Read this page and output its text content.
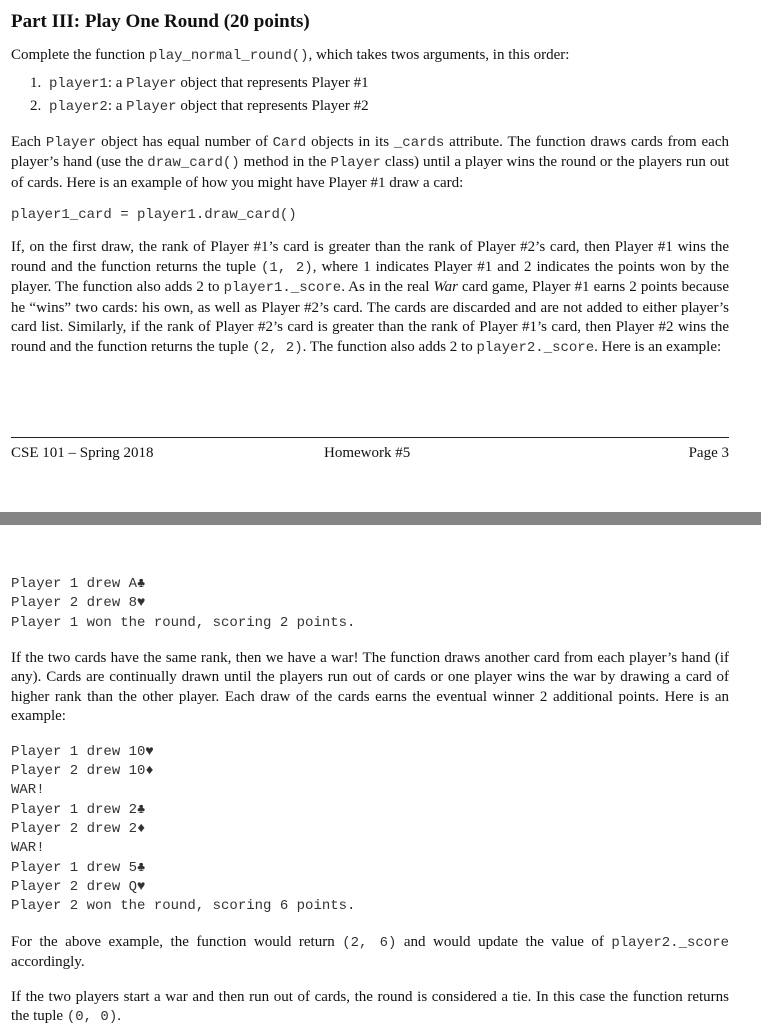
Part III: Play One Round (20 points)

Complete the function play_normal_round(), which takes twos arguments, in this order:

1. player1: a Player object that represents Player #1
2. player2: a Player object that represents Player #2

Each Player object has equal number of Card objects in its _cards attribute. The function draws cards from each player’s hand (use the draw_card() method in the Player class) until a player wins the round or the players run out of cards. Here is an example of how you might have Player #1 draw a card:

player1_card = player1.draw_card()

If, on the first draw, the rank of Player #1’s card is greater than the rank of Player #2’s card, then Player #1 wins the round and the function returns the tuple (1, 2), where 1 indicates Player #1 and 2 indicates the points won by the player. The function also adds 2 to player1._score. As in the real War card game, Player #1 earns 2 points because he “wins” two cards: his own, as well as Player #2’s card. The cards are discarded and are not added to either player’s card list. Similarly, if the rank of Player #2’s card is greater than the rank of Player #1’s card, then Player #2 wins the round and the function returns the tuple (2, 2). The function also adds 2 to player2._score. Here is an example:

CSE 101 – Spring 2018	Homework #5	Page 3
Player 1 drew A♣
Player 2 drew 8♥
Player 1 won the round, scoring 2 points.

If the two cards have the same rank, then we have a war! The function draws another card from each player’s hand (if any). Cards are continually drawn until the players run out of cards or one player wins the war by drawing a card of higher rank than the other player. Each draw of the cards earns the eventual winner 2 additional points. Here is an example:

Player 1 drew 10♥
Player 2 drew 10♦
WAR!
Player 1 drew 2♣
Player 2 drew 2♦
WAR!
Player 1 drew 5♣
Player 2 drew Q♥
Player 2 won the round, scoring 6 points.

For the above example, the function would return (2, 6) and would update the value of player2._score accordingly.

If the two players start a war and then run out of cards, the round is considered a tie. In this case the function returns the tuple (0, 0).
